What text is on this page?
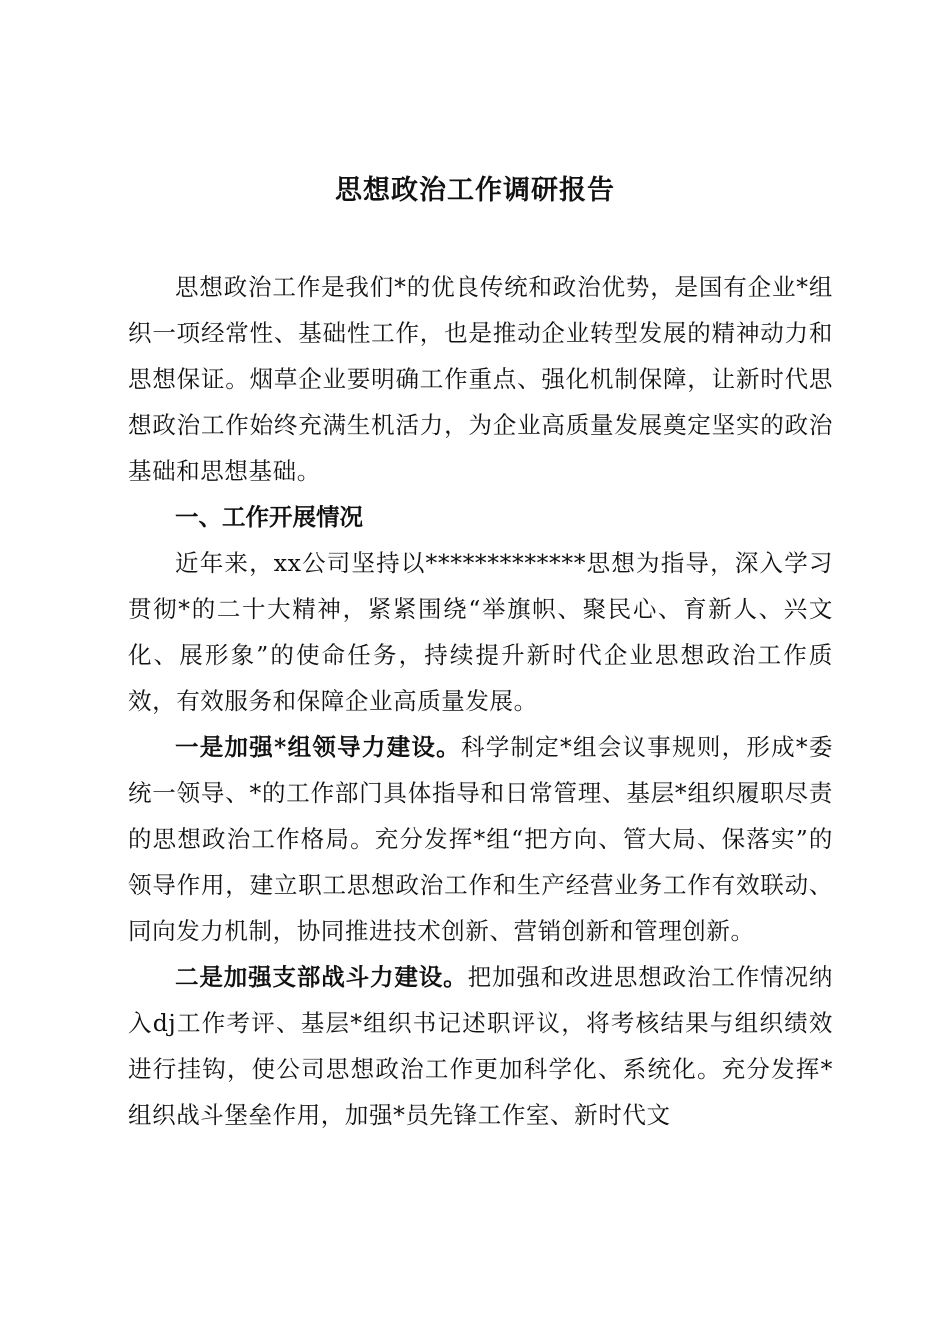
思想政治工作调研报告

思想政治工作是我们*的优良传统和政治优势，是国有企业*组织一项经常性、基础性工作，也是推动企业转型发展的精神动力和思想保证。烟草企业要明确工作重点、强化机制保障，让新时代思想政治工作始终充满生机活力，为企业高质量发展奠定坚实的政治基础和思想基础。

一、工作开展情况

近年来，xx公司坚持以*************思想为指导，深入学习贯彻*的二十大精神，紧紧围绕“举旗帜、聚民心、育新人、兴文化、展形象”的使命任务，持续提升新时代企业思想政治工作质效，有效服务和保障企业高质量发展。

一是加强*组领导力建设。科学制定*组会议事规则，形成*委统一领导、*的工作部门具体指导和日常管理、基层*组织履职尽责的思想政治工作格局。充分发挥*组“把方向、管大局、保落实”的领导作用，建立职工思想政治工作和生产经营业务工作有效联动、同向发力机制，协同推进技术创新、营销创新和管理创新。

二是加强支部战斗力建设。把加强和改进思想政治工作情况纳入dj工作考评、基层*组织书记述职评议，将考核结果与组织绩效进行挂钩，使公司思想政治工作更加科学化、系统化。充分发挥*组织战斗堡垒作用，加强*员先锋工作室、新时代文
